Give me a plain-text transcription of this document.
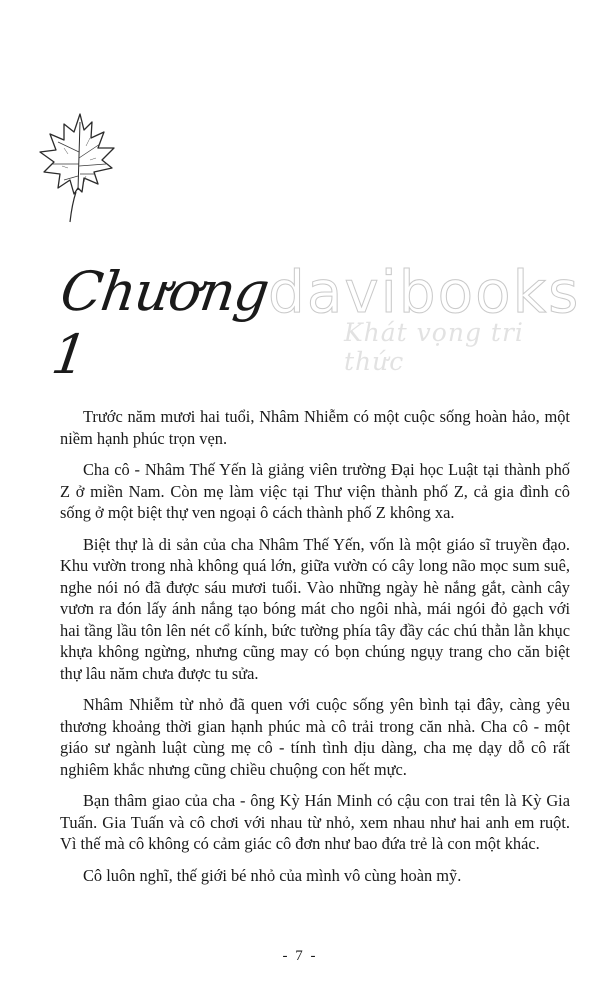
Chương 1
davibooks
Khát vọng tri thức

Trước năm mươi hai tuổi, Nhâm Nhiễm có một cuộc sống hoàn hảo, một niềm hạnh phúc trọn vẹn.

Cha cô - Nhâm Thế Yến là giảng viên trường Đại học Luật tại thành phố Z ở miền Nam. Còn mẹ làm việc tại Thư viện thành phố Z, cả gia đình cô sống ở một biệt thự ven ngoại ô cách thành phố Z không xa.

Biệt thự là di sản của cha Nhâm Thế Yến, vốn là một giáo sĩ truyền đạo. Khu vườn trong nhà không quá lớn, giữa vườn có cây long não mọc sum suê, nghe nói nó đã được sáu mươi tuổi. Vào những ngày hè nắng gắt, cành cây vươn ra đón lấy ánh nắng tạo bóng mát cho ngôi nhà, mái ngói đỏ gạch với hai tầng lầu tôn lên nét cổ kính, bức tường phía tây đầy các chú thằn lằn khục khựa không ngừng, nhưng cũng may có bọn chúng ngụy trang cho căn biệt thự lâu năm chưa được tu sửa.

Nhâm Nhiễm từ nhỏ đã quen với cuộc sống yên bình tại đây, càng yêu thương khoảng thời gian hạnh phúc mà cô trải trong căn nhà. Cha cô - một giáo sư ngành luật cùng mẹ cô - tính tình dịu dàng, cha mẹ dạy dỗ cô rất nghiêm khắc nhưng cũng chiều chuộng con hết mực.

Bạn thâm giao của cha - ông Kỳ Hán Minh có cậu con trai tên là Kỳ Gia Tuấn. Gia Tuấn và cô chơi với nhau từ nhỏ, xem nhau như hai anh em ruột. Vì thế mà cô không có cảm giác cô đơn như bao đứa trẻ là con một khác.

Cô luôn nghĩ, thế giới bé nhỏ của mình vô cùng hoàn mỹ.

- 7 -
